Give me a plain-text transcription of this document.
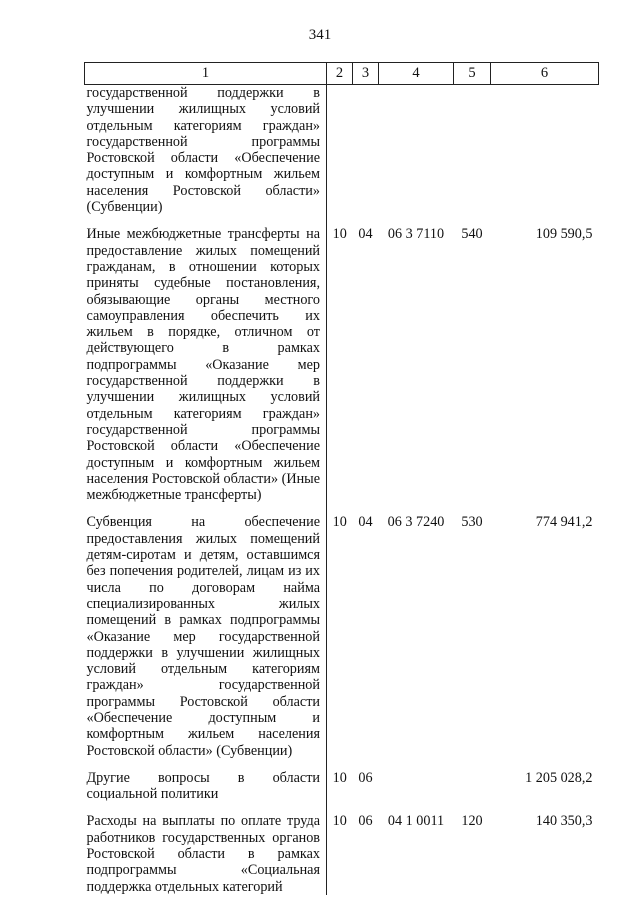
341
1	2	3	4	5	6
государственной поддержки в улучшении жилищных условий отдельным категориям граждан» государственной программы Ростовской области «Обеспечение доступным и комфортным жильем населения Ростовской области» (Субвенции)					
Иные межбюджетные трансферты на предоставление жилых помещений гражданам, в отношении которых приняты судебные постановления, обязывающие органы местного самоуправления обеспечить их жильем в порядке, отличном от действующего в рамках подпрограммы «Оказание мер государственной поддержки в улучшении жилищных условий отдельным категориям граждан» государственной программы Ростовской области «Обеспечение доступным и комфортным жильем населения Ростовской области» (Иные межбюджетные трансферты)	10	04	06 3 7110	540	109 590,5
Субвенция на обеспечение предоставления жилых помещений детям-сиротам и детям, оставшимся без попечения родителей, лицам из их числа по договорам найма специализированных жилых помещений в рамках подпрограммы «Оказание мер государственной поддержки в улучшении жилищных условий отдельным категориям граждан» государственной программы Ростовской области «Обеспечение доступным и комфортным жильем населения Ростовской области» (Субвенции)	10	04	06 3 7240	530	774 941,2
Другие вопросы в области социальной политики	10	06			1 205 028,2
Расходы на выплаты по оплате труда работников государственных органов Ростовской области в рамках подпрограммы «Социальная поддержка отдельных категорий	10	06	04 1 0011	120	140 350,3
